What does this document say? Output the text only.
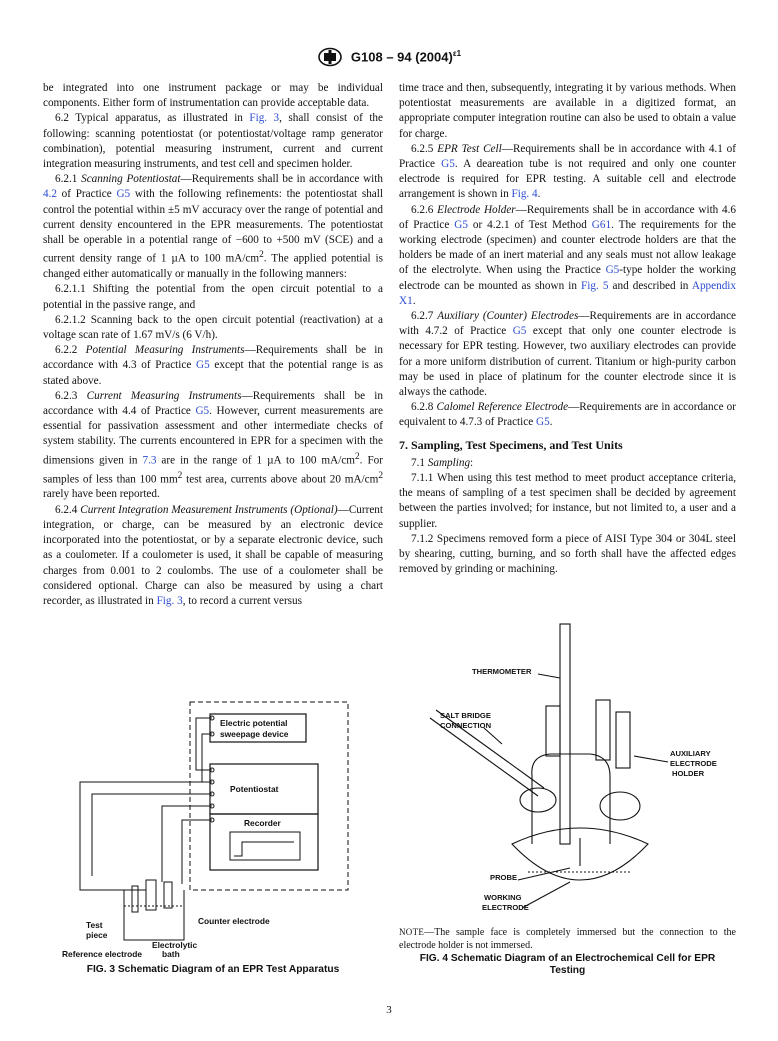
G108 – 94 $(2004)^{\varepsilon 1}$

be integrated into one instrument package or may be individual components. Either form of instrumentation can provide acceptable data.

6.2 Typical apparatus, as illustrated in Fig. 3, shall consist of the following: scanning potentiostat (or potentiostat/voltage ramp generator combination), potential measuring instrument, current and current integration measuring instruments, and test cell and specimen holder.

6.2.1 Scanning Potentiostat—Requirements shall be in accordance with 4.2 of Practice G5 with the following refinements: the potentiostat shall control the potential within ±5 mV accuracy over the range of potential and current density encountered in the EPR measurements. The potentiostat shall be operable in a potential range of −600 to +500 mV (SCE) and a current density range of 1 µA to 100 $mA/cm^2$. The applied potential is changed either automatically or manually in the following manners:

6.2.1.1 Shifting the potential from the open circuit potential to a potential in the passive range, and

6.2.1.2 Scanning back to the open circuit potential (reactivation) at a voltage scan rate of 1.67 mV/s (6 V/h).

6.2.2 Potential Measuring Instruments—Requirements shall be in accordance with 4.3 of Practice G5 except that the potential range is as stated above.

6.2.3 Current Measuring Instruments—Requirements shall be in accordance with 4.4 of Practice G5. However, current measurements are essential for passivation assessment and other intermediate checks of system stability. The currents encountered in EPR for a specimen with the dimensions given in 7.3 are in the range of 1 µA to 100 $mA/cm^2$. For samples of less than 100 $mm^2$ test area, currents above about 20 $mA/cm^2$ rarely have been reported.

6.2.4 Current Integration Measurement Instruments (Optional)—Current integration, or charge, can be measured by an electronic device incorporated into the potentiostat, or by a separate electronic device, such as a coulometer. If a coulometer is used, it shall be capable of measuring charges from 0.001 to 2 coulombs. The use of a coulometer shall be considered optional. Charge can also be measured by using a chart recorder, as illustrated in Fig. 3, to record a current versus

time trace and then, subsequently, integrating it by various methods. When potentiostat measurements are available in a digitized format, an appropriate computer integration routine can also be used to obtain a value for charge.

6.2.5 EPR Test Cell—Requirements shall be in accordance with 4.1 of Practice G5. A deareation tube is not required and only one counter electrode is required for EPR testing. A suitable cell and electrode arrangement is shown in Fig. 4.

6.2.6 Electrode Holder—Requirements shall be in accordance with 4.6 of Practice G5 or 4.2.1 of Test Method G61. The requirements for the working electrode (specimen) and counter electrode holders are that the holders be made of an inert material and any seals must not allow leakage of the electrolyte. When using the Practice G5-type holder the working electrode can be mounted as shown in Fig. 5 and described in Appendix X1.

6.2.7 Auxiliary (Counter) Electrodes—Requirements are in accordance with 4.7.2 of Practice G5 except that only one counter electrode is necessary for EPR testing. However, two auxiliary electrodes can provide for a more uniform distribution of current. Titanium or high-purity carbon may be used in place of platinum for the counter electrode since it is always the cathode.

6.2.8 Calomel Reference Electrode—Requirements are in accordance or equivalent to 4.7.3 of Practice G5.

7. Sampling, Test Specimens, and Test Units

7.1 Sampling:

7.1.1 When using this test method to meet product acceptance criteria, the means of sampling of a test specimen shall be decided by agreement between the parties involved; for instance, but not limited to, a user and a supplier.

7.1.2 Specimens removed form a piece of AISI Type 304 or 304L steel by shearing, cutting, burning, and so forth shall have the affected edges removed by grinding or machining.

Electric potential
sweepage device
Potentiostat
Recorder
Counter electrode
Test
piece
Electrolytic
bath
Reference electrode
FIG. 3 Schematic Diagram of an EPR Test Apparatus
THERMOMETER
SALT BRIDGE
CONNECTION
AUXILIARY
ELECTRODE
HOLDER
PROBE
WORKING
ELECTRODE
NOTE—The sample face is completely immersed but the connection to the electrode holder is not immersed.
FIG. 4 Schematic Diagram of an Electrochemical Cell for EPR
Testing
3
